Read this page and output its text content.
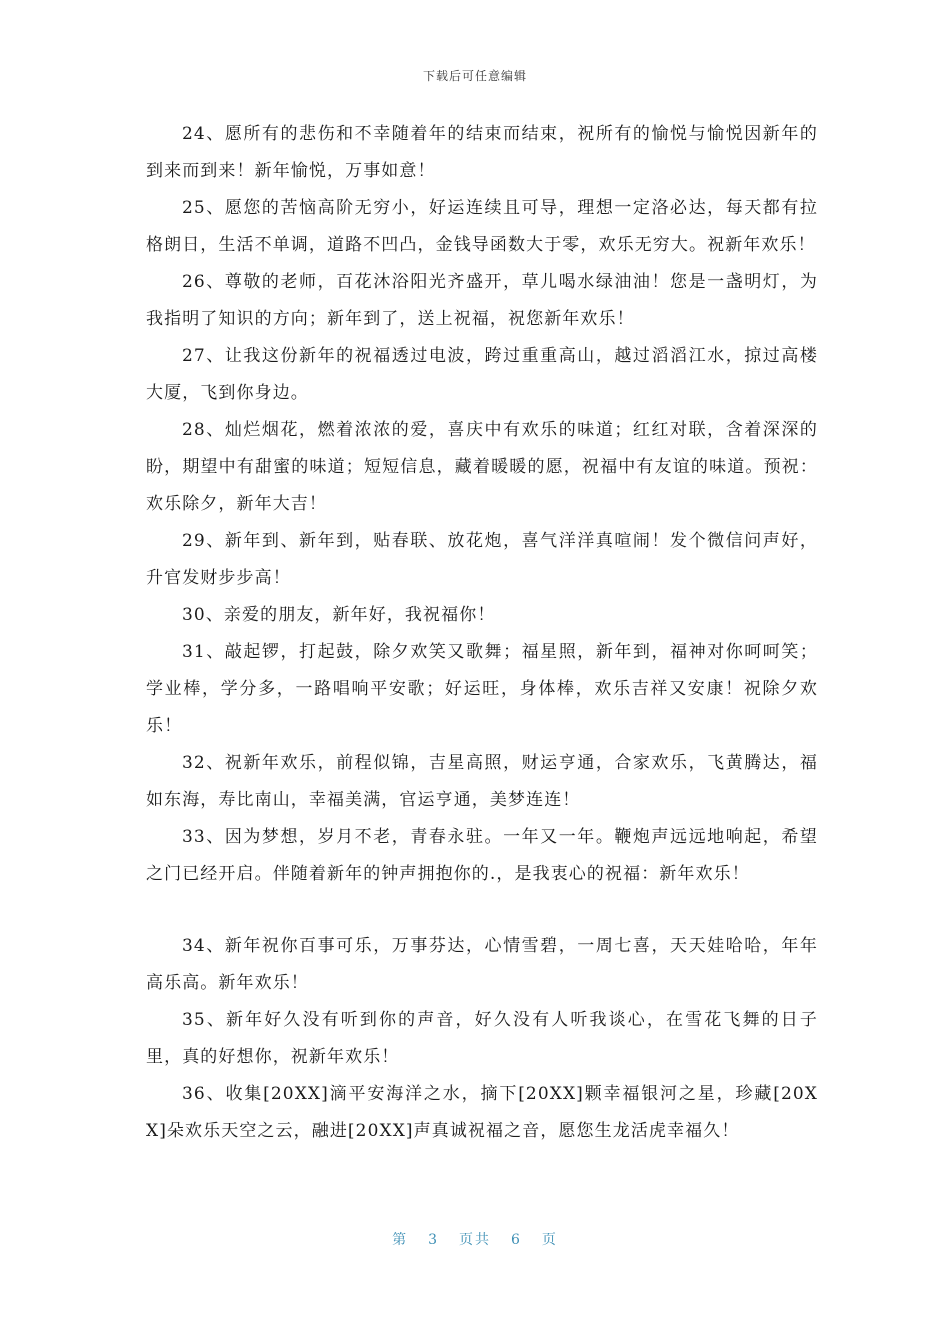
下载后可任意编辑

24、愿所有的悲伤和不幸随着年的结束而结束，祝所有的愉悦与愉悦因新年的到来而到来！新年愉悦，万事如意！

25、愿您的苦恼高阶无穷小，好运连续且可导，理想一定洛必达，每天都有拉格朗日，生活不单调，道路不凹凸，金钱导函数大于零，欢乐无穷大。祝新年欢乐！

26、尊敬的老师，百花沐浴阳光齐盛开，草儿喝水绿油油！您是一盏明灯，为我指明了知识的方向；新年到了，送上祝福，祝您新年欢乐！

27、让我这份新年的祝福透过电波，跨过重重高山，越过滔滔江水，掠过高楼大厦，飞到你身边。

28、灿烂烟花，燃着浓浓的爱，喜庆中有欢乐的味道；红红对联，含着深深的盼，期望中有甜蜜的味道；短短信息，藏着暖暖的愿，祝福中有友谊的味道。预祝：欢乐除夕，新年大吉！

29、新年到、新年到，贴春联、放花炮，喜气洋洋真喧闹！发个微信问声好，升官发财步步高！

30、亲爱的朋友，新年好，我祝福你！

31、敲起锣，打起鼓，除夕欢笑又歌舞；福星照，新年到，福神对你呵呵笑；学业棒，学分多，一路唱响平安歌；好运旺，身体棒，欢乐吉祥又安康！祝除夕欢乐！

32、祝新年欢乐，前程似锦，吉星高照，财运亨通，合家欢乐，飞黄腾达，福如东海，寿比南山，幸福美满，官运亨通，美梦连连！

33、因为梦想，岁月不老，青春永驻。一年又一年。鞭炮声远远地响起，希望之门已经开启。伴随着新年的钟声拥抱你的.，是我衷心的祝福：新年欢乐！

34、新年祝你百事可乐，万事芬达，心情雪碧，一周七喜，天天娃哈哈，年年高乐高。新年欢乐！

35、新年好久没有听到你的声音，好久没有人听我谈心，在雪花飞舞的日子里，真的好想你，祝新年欢乐！

36、收集[20XX]滴平安海洋之水，摘下[20XX]颗幸福银河之星，珍藏[20XX]朵欢乐天空之云，融进[20XX]声真诚祝福之音，愿您生龙活虎幸福久！

第 3 页共 6 页
